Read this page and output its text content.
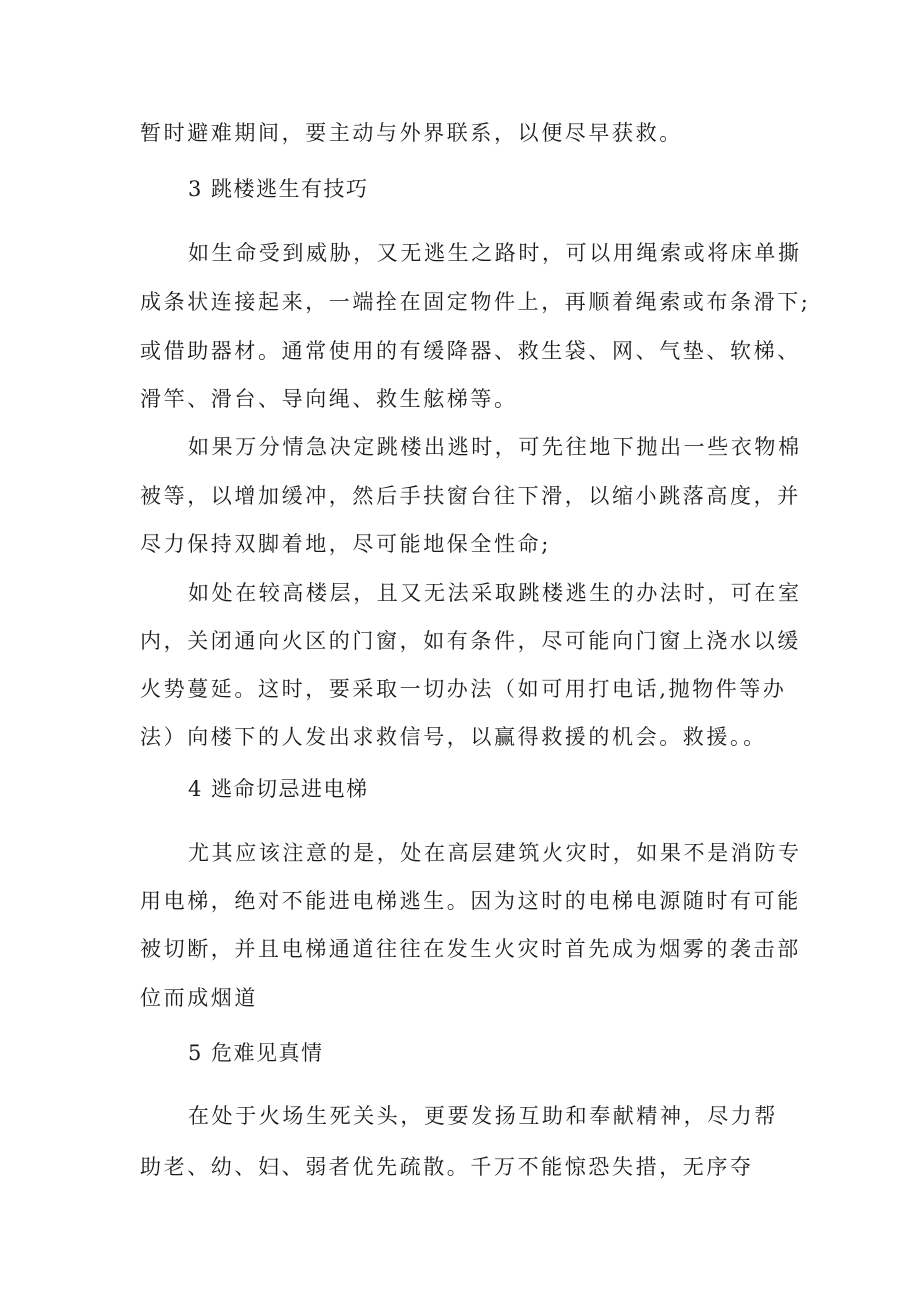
暂时避难期间，要主动与外界联系，以便尽早获救。
3 跳楼逃生有技巧
如生命受到威胁，又无逃生之路时，可以用绳索或将床单撕
成条状连接起来，一端拴在固定物件上，再顺着绳索或布条滑下;
或借助器材。通常使用的有缓降器、救生袋、网、气垫、软梯、
滑竿、滑台、导向绳、救生舷梯等。
如果万分情急决定跳楼出逃时，可先往地下抛出一些衣物棉
被等，以增加缓冲，然后手扶窗台往下滑，以缩小跳落高度，并
尽力保持双脚着地，尽可能地保全性命;
如处在较高楼层，且又无法采取跳楼逃生的办法时，可在室
内，关闭通向火区的门窗，如有条件，尽可能向门窗上浇水以缓
火势蔓延。这时，要采取一切办法（如可用打电话,抛物件等办
法）向楼下的人发出求救信号，以赢得救援的机会。救援。。
4 逃命切忌进电梯
尤其应该注意的是，处在高层建筑火灾时，如果不是消防专
用电梯，绝对不能进电梯逃生。因为这时的电梯电源随时有可能
被切断，并且电梯通道往往在发生火灾时首先成为烟雾的袭击部
位而成烟道
5 危难见真情
在处于火场生死关头，更要发扬互助和奉献精神，尽力帮
助老、幼、妇、弱者优先疏散。千万不能惊恐失措，无序夺
